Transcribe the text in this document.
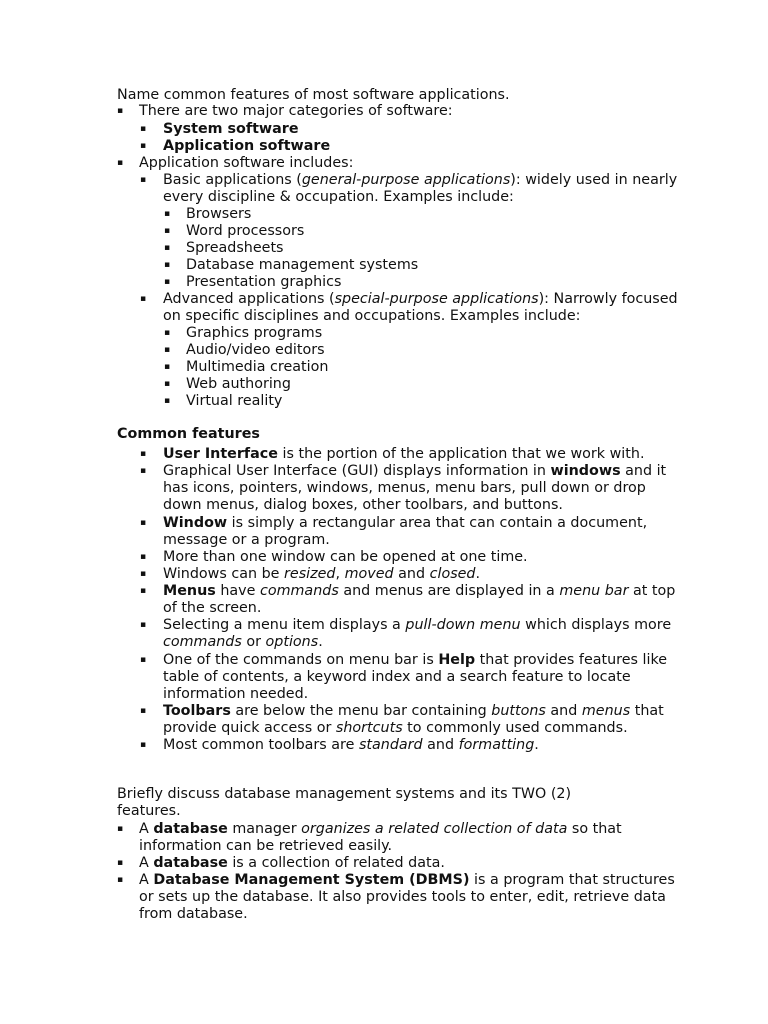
Name common features of most software applications.
▪ There are two major categories of software:
▪ System software
▪ Application software
▪ Application software includes:
▪ Basic applications (general-purpose applications): widely used in nearly
every discipline & occupation. Examples include:
▪ Browsers
▪ Word processors
▪ Spreadsheets
▪ Database management systems
▪ Presentation graphics
▪ Advanced applications (special-purpose applications): Narrowly focused
on specific disciplines and occupations. Examples include:
▪ Graphics programs
▪ Audio/video editors
▪ Multimedia creation
▪ Web authoring
▪ Virtual reality
Common features
▪ User Interface is the portion of the application that we work with.
▪ Graphical User Interface (GUI) displays information in windows and it
has icons, pointers, windows, menus, menu bars, pull down or drop
down menus, dialog boxes, other toolbars, and buttons.
▪ Window is simply a rectangular area that can contain a document,
message or a program.
▪ More than one window can be opened at one time.
▪ Windows can be resized, moved and closed.
▪ Menus have commands and menus are displayed in a menu bar at top
of the screen.
▪ Selecting a menu item displays a pull-down menu which displays more
commands or options.
▪ One of the commands on menu bar is Help that provides features like
table of contents, a keyword index and a search feature to locate
information needed.
▪ Toolbars are below the menu bar containing buttons and menus that
provide quick access or shortcuts to commonly used commands.
▪ Most common toolbars are standard and formatting.
Briefly discuss database management systems and its TWO (2)
features.
▪ A database manager organizes a related collection of data so that
information can be retrieved easily.
▪ A database is a collection of related data.
▪ A Database Management System (DBMS) is a program that structures
or sets up the database. It also provides tools to enter, edit, retrieve data
from database.
